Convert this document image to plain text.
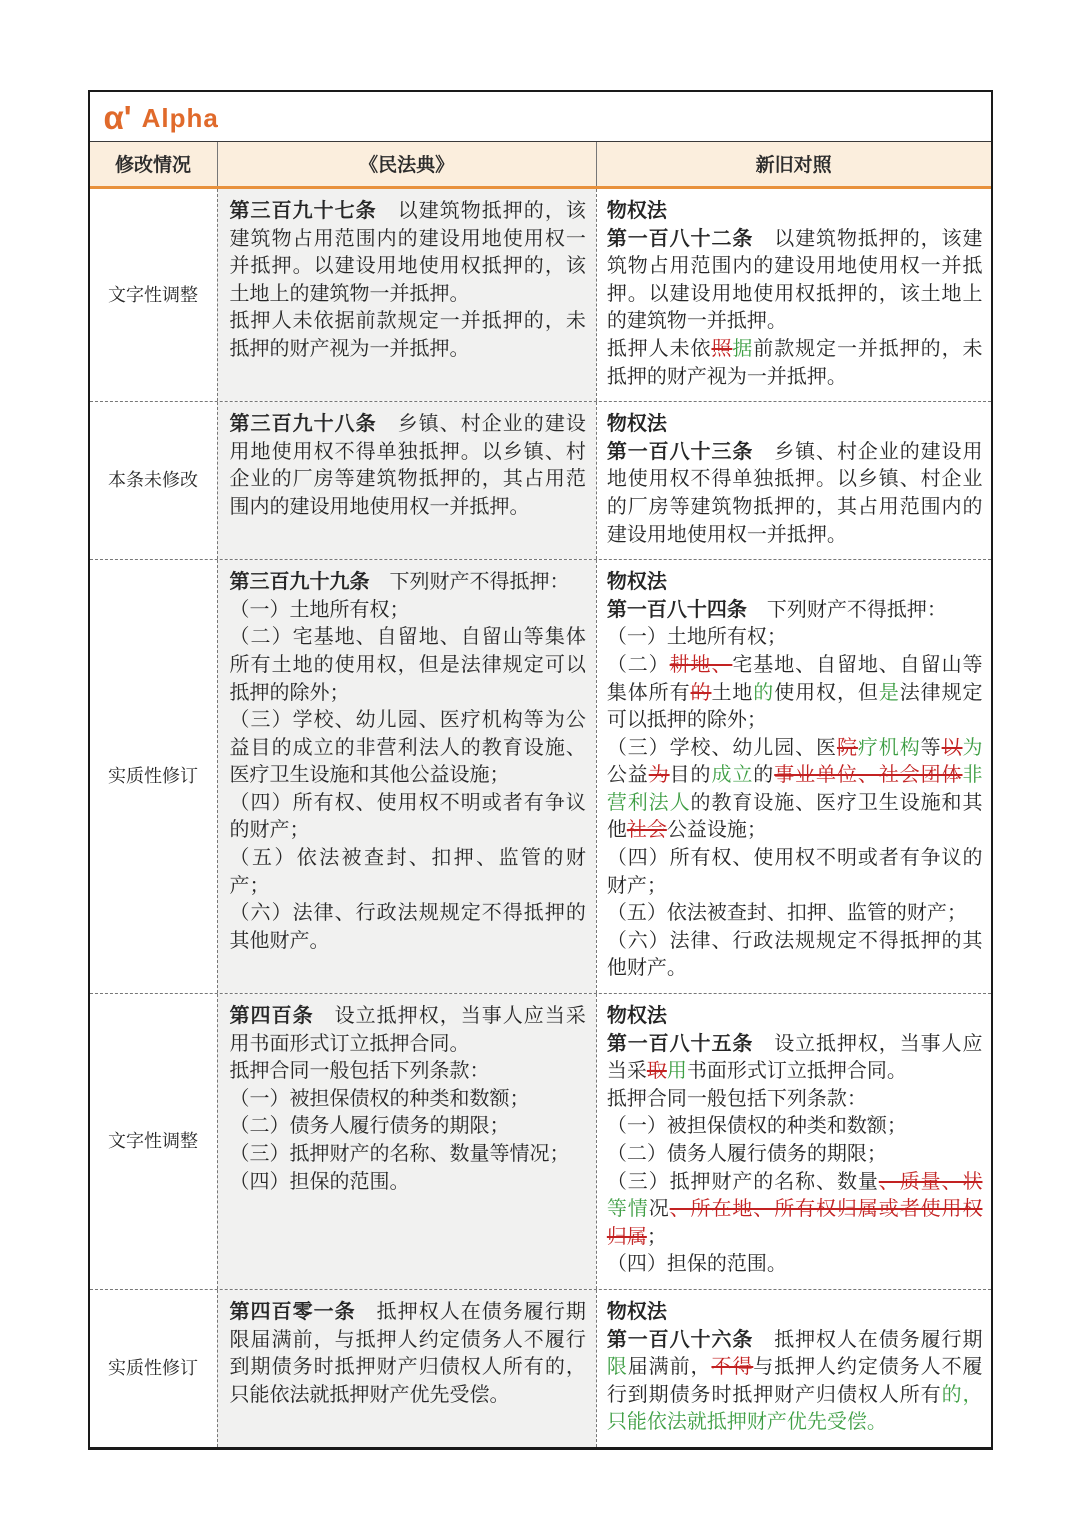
α' Alpha
修改情况	《民法典》	新旧对照
文字性调整

第三百九十七条　以建筑物抵押的，该建筑物占用范围内的建设用地使用权一并抵押。以建设用地使用权抵押的，该土地上的建筑物一并抵押。

抵押人未依据前款规定一并抵押的，未抵押的财产视为一并抵押。

物权法

第一百八十二条　以建筑物抵押的，该建筑物占用范围内的建设用地使用权一并抵押。以建设用地使用权抵押的，该土地上的建筑物一并抵押。

抵押人未依照据前款规定一并抵押的，未抵押的财产视为一并抵押。

本条未修改

第三百九十八条　乡镇、村企业的建设用地使用权不得单独抵押。以乡镇、村企业的厂房等建筑物抵押的，其占用范围内的建设用地使用权一并抵押。

物权法

第一百八十三条　乡镇、村企业的建设用地使用权不得单独抵押。以乡镇、村企业的厂房等建筑物抵押的，其占用范围内的建设用地使用权一并抵押。

实质性修订

第三百九十九条　下列财产不得抵押：

（一）土地所有权；

（二）宅基地、自留地、自留山等集体所有土地的使用权，但是法律规定可以抵押的除外；

（三）学校、幼儿园、医疗机构等为公益目的成立的非营利法人的教育设施、医疗卫生设施和其他公益设施；

（四）所有权、使用权不明或者有争议的财产；

（五）依法被查封、扣押、监管的财产；

（六）法律、行政法规规定不得抵押的其他财产。

物权法

第一百八十四条　下列财产不得抵押：

（一）土地所有权；

（二）耕地、宅基地、自留地、自留山等集体所有的土地的使用权，但是法律规定可以抵押的除外；

（三）学校、幼儿园、医院疗机构等以为公益为目的成立的事业单位、社会团体非营利法人的教育设施、医疗卫生设施和其他社会公益设施；

（四）所有权、使用权不明或者有争议的财产；

（五）依法被查封、扣押、监管的财产；

（六）法律、行政法规规定不得抵押的其他财产。

文字性调整

第四百条　设立抵押权，当事人应当采用书面形式订立抵押合同。

抵押合同一般包括下列条款：

（一）被担保债权的种类和数额；

（二）债务人履行债务的期限；

（三）抵押财产的名称、数量等情况；

（四）担保的范围。

物权法

第一百八十五条　设立抵押权，当事人应当采取用书面形式订立抵押合同。

抵押合同一般包括下列条款：

（一）被担保债权的种类和数额；

（二）债务人履行债务的期限；

（三）抵押财产的名称、数量、质量、状等情况、所在地、所有权归属或者使用权归属；

（四）担保的范围。

实质性修订

第四百零一条　抵押权人在债务履行期限届满前，与抵押人约定债务人不履行到期债务时抵押财产归债权人所有的，只能依法就抵押财产优先受偿。

物权法

第一百八十六条　抵押权人在债务履行期限届满前，不得与抵押人约定债务人不履行到期债务时抵押财产归债权人所有的，只能依法就抵押财产优先受偿。
